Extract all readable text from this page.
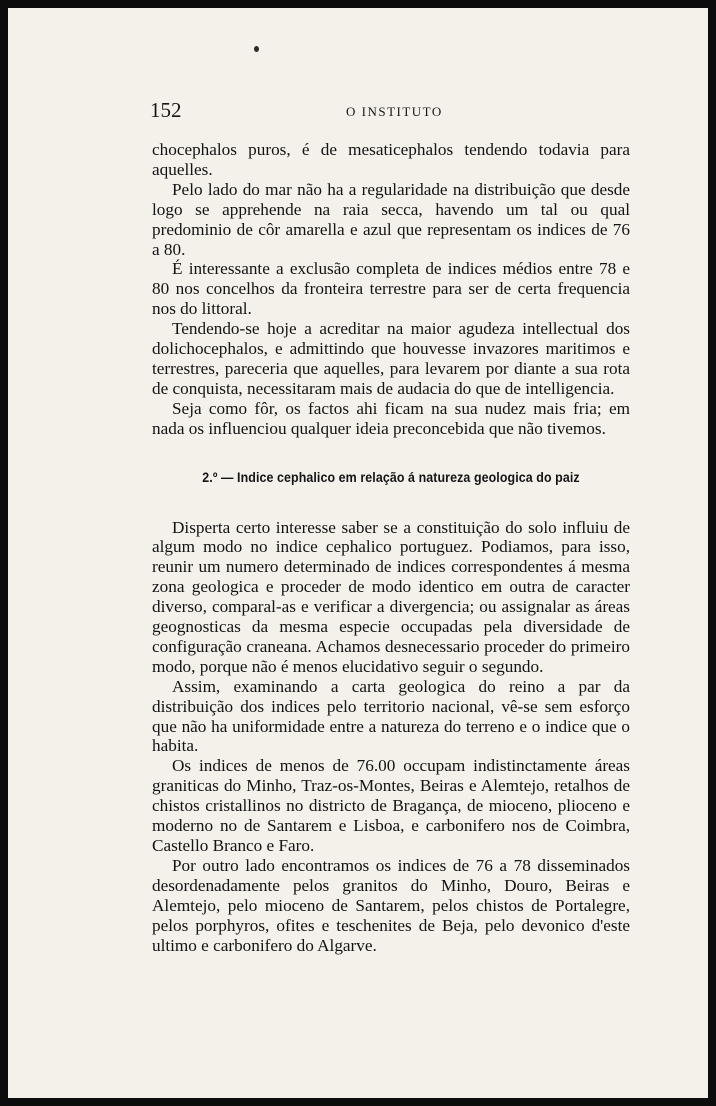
152	O INSTITUTO

chocephalos puros, é de mesaticephalos tendendo todavia para aquelles.

Pelo lado do mar não ha a regularidade na distribuição que desde logo se apprehende na raia secca, havendo um tal ou qual predominio de côr amarella e azul que representam os indices de 76 a 80.

É interessante a exclusão completa de indices médios entre 78 e 80 nos concelhos da fronteira terrestre para ser de certa frequencia nos do littoral.

Tendendo-se hoje a acreditar na maior agudeza intellectual dos dolichocephalos, e admittindo que houvesse invazores maritimos e terrestres, pareceria que aquelles, para levarem por diante a sua rota de conquista, necessitaram mais de audacia do que de intelligencia.

Seja como fôr, os factos ahi ficam na sua nudez mais fria; em nada os influenciou qualquer ideia preconcebida que não tivemos.

2.º — Indice cephalico em relação á natureza geologica do paiz

Disperta certo interesse saber se a constituição do solo influiu de algum modo no indice cephalico portuguez. Podiamos, para isso, reunir um numero determinado de indices correspondentes á mesma zona geologica e proceder de modo identico em outra de caracter diverso, comparal-as e verificar a divergencia; ou assignalar as áreas geognosticas da mesma especie occupadas pela diversidade de configuração craneana. Achamos desnecessario proceder do primeiro modo, porque não é menos elucidativo seguir o segundo.

Assim, examinando a carta geologica do reino a par da distribuição dos indices pelo territorio nacional, vê-se sem esforço que não ha uniformidade entre a natureza do terreno e o indice que o habita.

Os indices de menos de 76.00 occupam indistinctamente áreas graniticas do Minho, Traz-os-Montes, Beiras e Alemtejo, retalhos de chistos cristallinos no districto de Bragança, de mioceno, plioceno e moderno no de Santarem e Lisboa, e carbonifero nos de Coimbra, Castello Branco e Faro.

Por outro lado encontramos os indices de 76 a 78 disseminados desordenadamente pelos granitos do Minho, Douro, Beiras e Alemtejo, pelo mioceno de Santarem, pelos chistos de Portalegre, pelos porphyros, ofites e teschenites de Beja, pelo devonico d'este ultimo e carbonifero do Algarve.
